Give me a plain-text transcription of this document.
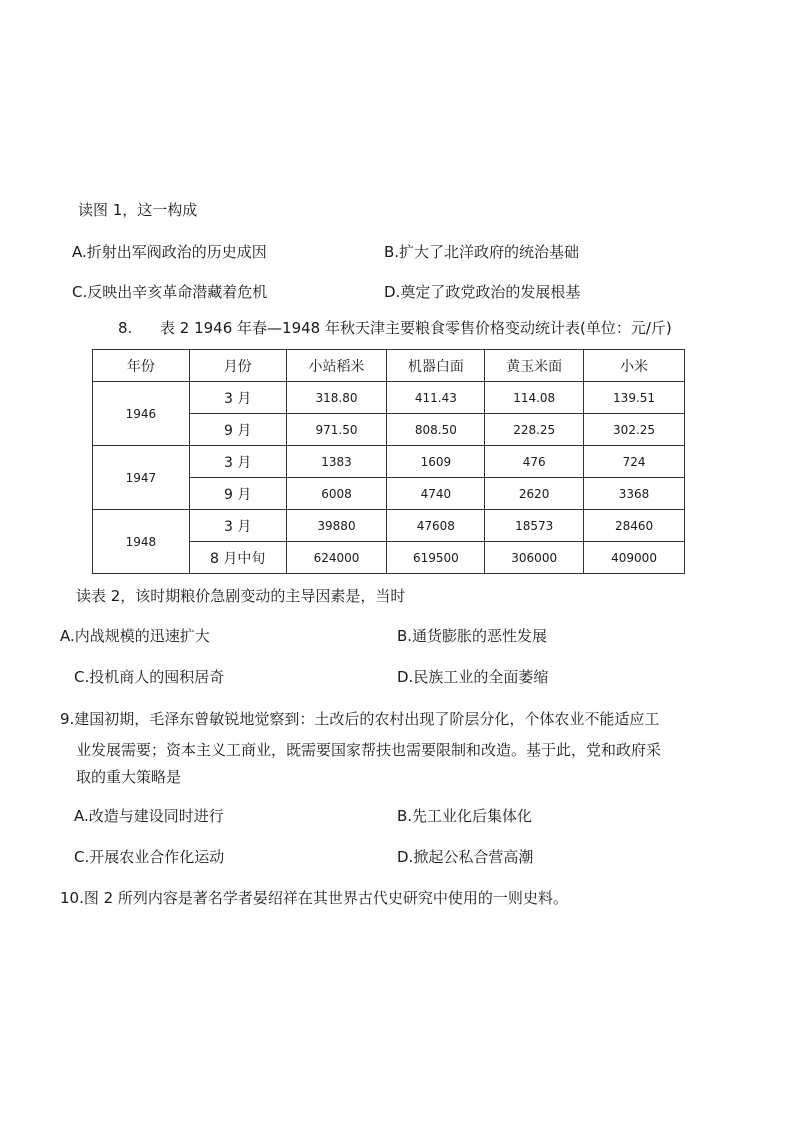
读图 1，这一构成
A.折射出军阀政治的历史成因	B.扩大了北洋政府的统治基础
C.反映出辛亥革命潜藏着危机	D.奠定了政党政治的发展根基
8. 表 2 1946 年春—1948 年秋天津主要粮食零售价格变动统计表(单位：元/斤)
年份	月份	小站稻米	机器白面	黄玉米面	小米
1946	3 月	318.80	411.43	114.08	139.51
	9 月	971.50	808.50	228.25	302.25
1947	3 月	1383	1609	476	724
	9 月	6008	4740	2620	3368
1948	3 月	39880	47608	18573	28460
	8 月中旬	624000	619500	306000	409000
读表 2，该时期粮价急剧变动的主导因素是，当时
A.内战规模的迅速扩大	B.通货膨胀的恶性发展
C.投机商人的囤积居奇	D.民族工业的全面萎缩
9.建国初期，毛泽东曾敏锐地觉察到：土改后的农村出现了阶层分化，个体农业不能适应工
业发展需要；资本主义工商业，既需要国家帮扶也需要限制和改造。基于此，党和政府采
取的重大策略是
A.改造与建设同时进行	B.先工业化后集体化
C.开展农业合作化运动	D.掀起公私合营高潮
10.图 2 所列内容是著名学者晏绍祥在其世界古代史研究中使用的一则史料。
